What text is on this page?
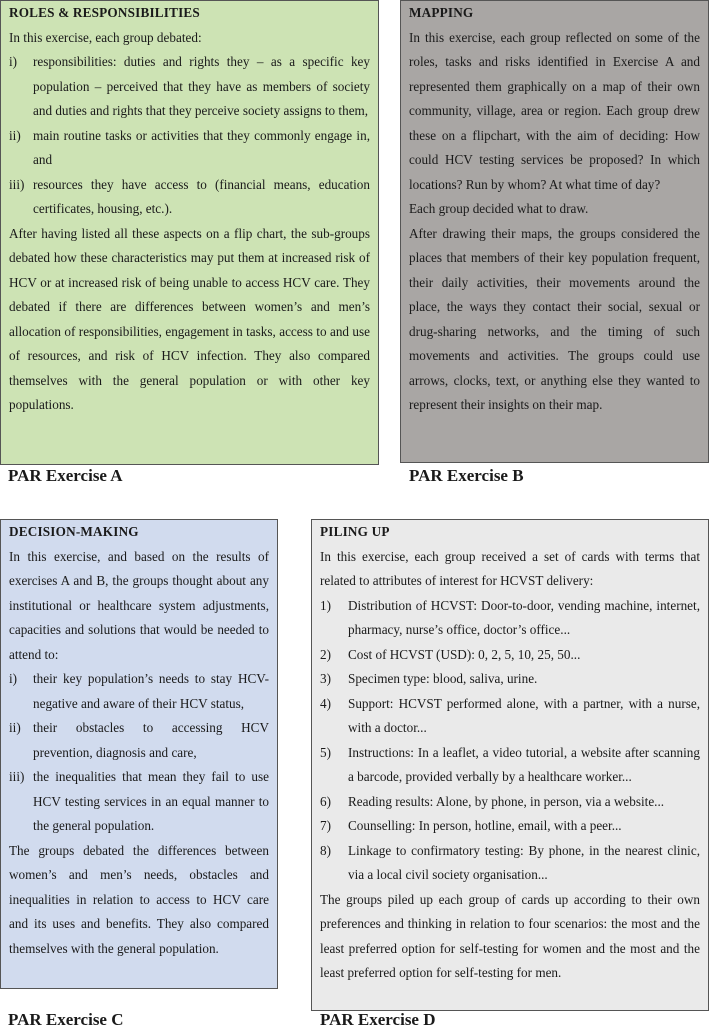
ROLES & RESPONSIBILITIES

In this exercise, each group debated:

i) responsibilities: duties and rights they – as a specific key population – perceived that they have as members of society and duties and rights that they perceive society assigns to them,
ii) main routine tasks or activities that they commonly engage in, and
iii) resources they have access to (financial means, education certificates, housing, etc.).

After having listed all these aspects on a flip chart, the sub-groups debated how these characteristics may put them at increased risk of HCV or at increased risk of being unable to access HCV care. They debated if there are differences between women’s and men’s allocation of responsibilities, engagement in tasks, access to and use of resources, and risk of HCV infection. They also compared themselves with the general population or with other key populations.

PAR Exercise A

MAPPING

In this exercise, each group reflected on some of the roles, tasks and risks identified in Exercise A and represented them graphically on a map of their own community, village, area or region. Each group drew these on a flipchart, with the aim of deciding: How could HCV testing services be proposed? In which locations? Run by whom? At what time of day?

Each group decided what to draw.

After drawing their maps, the groups considered the places that members of their key population frequent, their daily activities, their movements around the place, the ways they contact their social, sexual or drug-sharing networks, and the timing of such movements and activities. The groups could use arrows, clocks, text, or anything else they wanted to represent their insights on their map.

PAR Exercise B

DECISION-MAKING

In this exercise, and based on the results of exercises A and B, the groups thought about any institutional or healthcare system adjustments, capacities and solutions that would be needed to attend to:

i) their key population’s needs to stay HCV-negative and aware of their HCV status,
ii) their obstacles to accessing HCV prevention, diagnosis and care,
iii) the inequalities that mean they fail to use HCV testing services in an equal manner to the general population.

The groups debated the differences between women’s and men’s needs, obstacles and inequalities in relation to access to HCV care and its uses and benefits. They also compared themselves with the general population.

PAR Exercise C

PILING UP

In this exercise, each group received a set of cards with terms that related to attributes of interest for HCVST delivery:

1) Distribution of HCVST: Door-to-door, vending machine, internet, pharmacy, nurse’s office, doctor’s office...
2) Cost of HCVST (USD): 0, 2, 5, 10, 25, 50...
3) Specimen type: blood, saliva, urine.
4) Support: HCVST performed alone, with a partner, with a nurse, with a doctor...
5) Instructions: In a leaflet, a video tutorial, a website after scanning a barcode, provided verbally by a healthcare worker...
6) Reading results: Alone, by phone, in person, via a website...
7) Counselling: In person, hotline, email, with a peer...
8) Linkage to confirmatory testing: By phone, in the nearest clinic, via a local civil society organisation...

The groups piled up each group of cards up according to their own preferences and thinking in relation to four scenarios: the most and the least preferred option for self-testing for women and the most and the least preferred option for self-testing for men.

PAR Exercise D
